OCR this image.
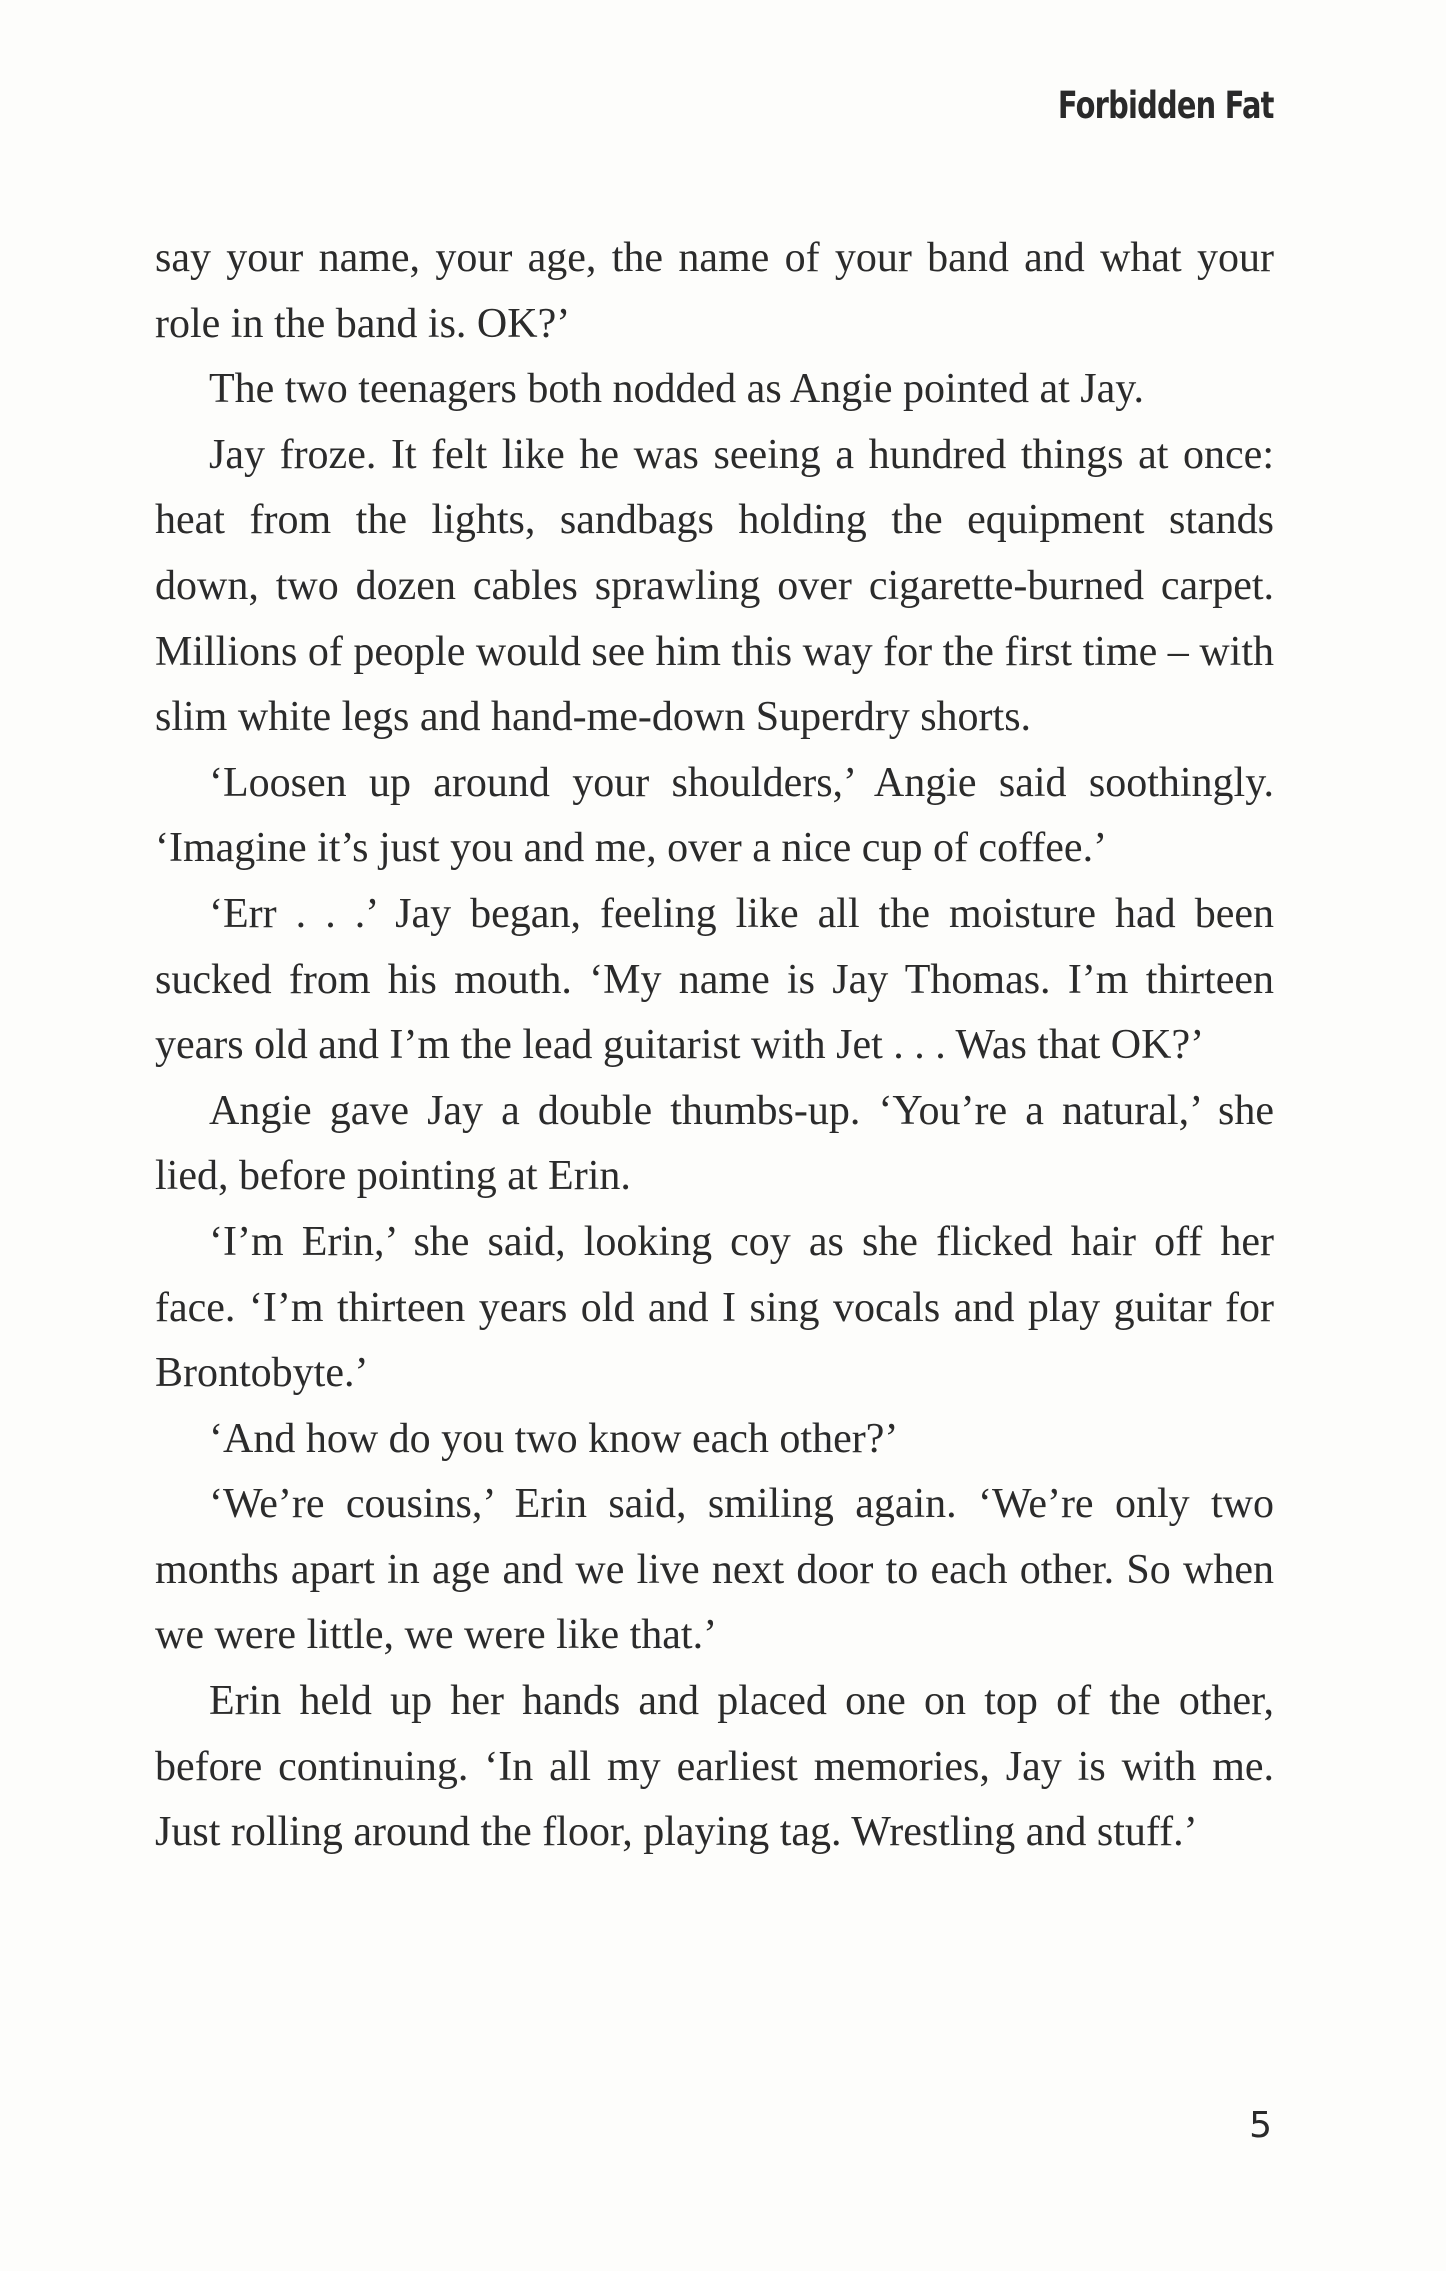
Forbidden Fat

say your name, your age, the name of your band and what your role in the band is. OK?’

The two teenagers both nodded as Angie pointed at Jay.

Jay froze. It felt like he was seeing a hundred things at once: heat from the lights, sandbags holding the equipment stands down, two dozen cables sprawling over cigarette-burned carpet. Millions of people would see him this way for the first time – with slim white legs and hand-me-down Superdry shorts.

‘Loosen up around your shoulders,’ Angie said soothingly. ‘Imagine it’s just you and me, over a nice cup of coffee.’

‘Err . . .’ Jay began, feeling like all the moisture had been sucked from his mouth. ‘My name is Jay Thomas. I’m thirteen years old and I’m the lead guitarist with Jet . . . Was that OK?’

Angie gave Jay a double thumbs-up. ‘You’re a natural,’ she lied, before pointing at Erin.

‘I’m Erin,’ she said, looking coy as she flicked hair off her face. ‘I’m thirteen years old and I sing vocals and play guitar for Brontobyte.’

‘And how do you two know each other?’

‘We’re cousins,’ Erin said, smiling again. ‘We’re only two months apart in age and we live next door to each other. So when we were little, we were like that.’

Erin held up her hands and placed one on top of the other, before continuing. ‘In all my earliest memories, Jay is with me. Just rolling around the floor, playing tag. Wrestling and stuff.’

5
